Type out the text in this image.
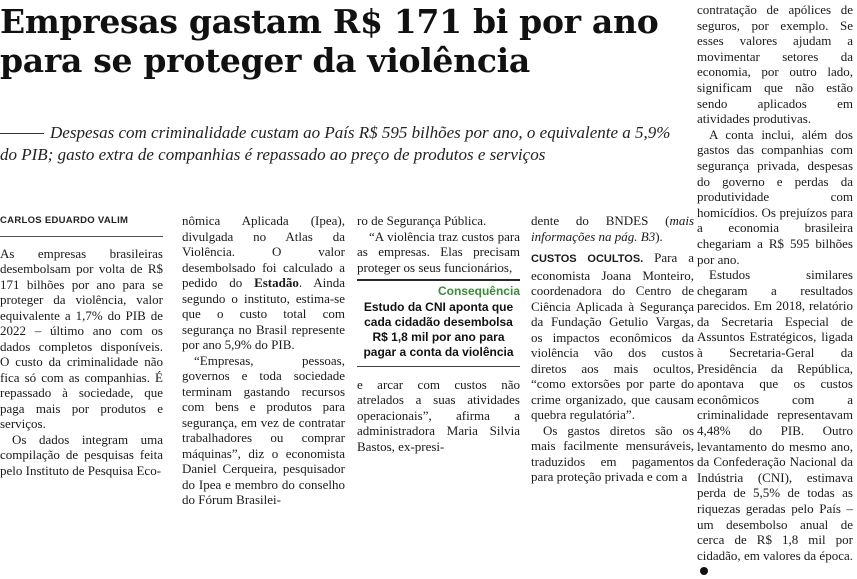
Empresas gastam R$ 171 bi por ano para se proteger da violência
Despesas com criminalidade custam ao País R$ 595 bilhões por ano, o equivalente a 5,9% do PIB; gasto extra de companhias é repassado ao preço de produtos e serviços
CARLOS EDUARDO VALIM

As empresas brasileiras desembolsam por volta de R$ 171 bilhões por ano para se proteger da violência, valor equivalente a 1,7% do PIB de 2022 – último ano com os dados completos disponíveis. O custo da criminalidade não fica só com as companhias. É repassado à sociedade, que paga mais por produtos e serviços.

Os dados integram uma compilação de pesquisas feita pelo Instituto de Pesquisa Eco-

nômica Aplicada (Ipea), divulgada no Atlas da Violência. O valor desembolsado foi calculado a pedido do Estadão. Ainda segundo o instituto, estima-se que o custo total com segurança no Brasil represente por ano 5,9% do PIB.

“Empresas, pessoas, governos e toda sociedade terminam gastando recursos com bens e produtos para segurança, em vez de contratar trabalhadores ou comprar máquinas”, diz o economista Daniel Cerqueira, pesquisador do Ipea e membro do conselho do Fórum Brasilei-

ro de Segurança Pública.

“A violência traz custos para as empresas. Elas precisam proteger os seus funcionários,

Consequência
Estudo da CNI aponta que cada cidadão desembolsa R$ 1,8 mil por ano para pagar a conta da violência

e arcar com custos não atrelados a suas atividades operacionais”, afirma a administradora Maria Silvia Bastos, ex-presi-

dente do BNDES (mais informações na pág. B3).

CUSTOS OCULTOS. Para a economista Joana Monteiro, coordenadora do Centro de Ciência Aplicada à Segurança da Fundação Getulio Vargas, os impactos econômicos da violência vão dos custos diretos aos mais ocultos, “como extorsões por parte do crime organizado, que causam quebra regulatória”.

Os gastos diretos são os mais facilmente mensuráveis, traduzidos em pagamentos para proteção privada e com a

contratação de apólices de seguros, por exemplo. Se esses valores ajudam a movimentar setores da economia, por outro lado, significam que não estão sendo aplicados em atividades produtivas.

A conta inclui, além dos gastos das companhias com segurança privada, despesas do governo e perdas da produtividade com homicídios. Os prejuízos para a economia brasileira chegariam a R$ 595 bilhões por ano.

Estudos similares chegaram a resultados parecidos. Em 2018, relatório da Secretaria Especial de Assuntos Estratégicos, ligada à Secretaria-Geral da Presidência da República, apontava que os custos econômicos com a criminalidade representavam 4,48% do PIB. Outro levantamento do mesmo ano, da Confederação Nacional da Indústria (CNI), estimava perda de 5,5% de todas as riquezas geradas pelo País – um desembolso anual de cerca de R$ 1,8 mil por cidadão, em valores da época.
